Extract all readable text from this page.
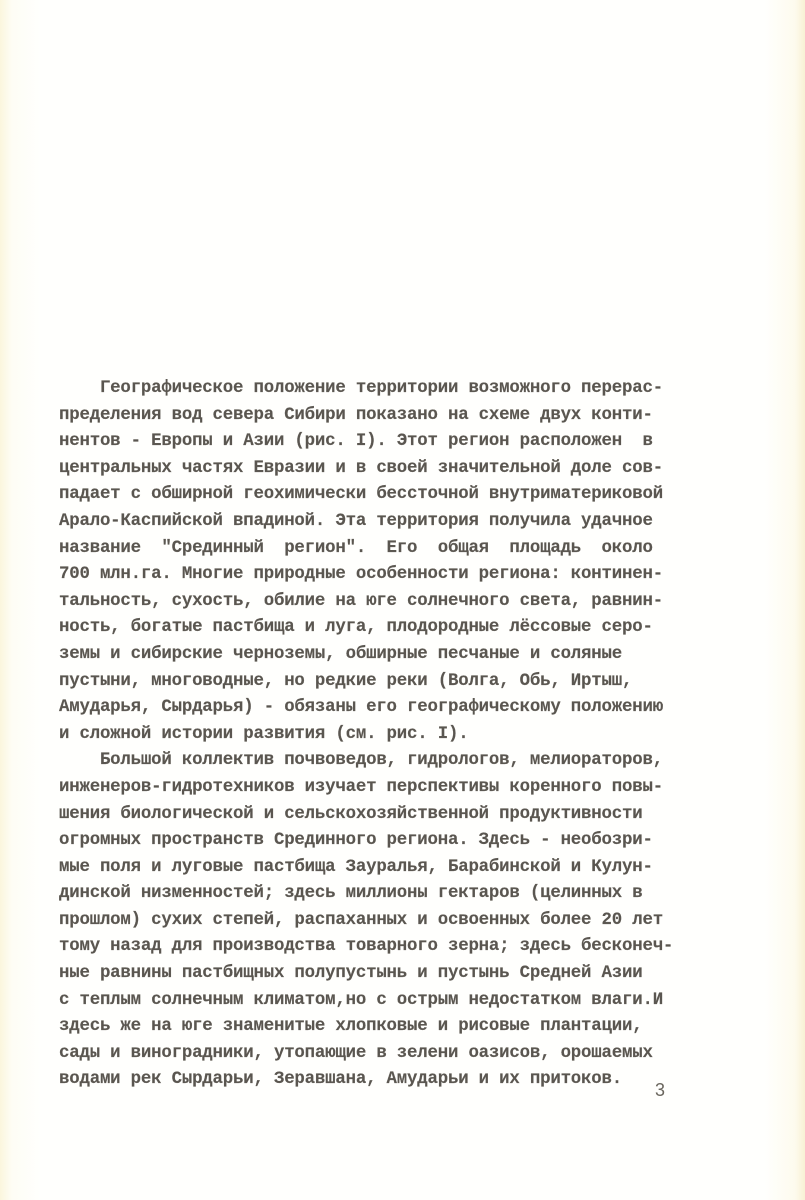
Географическое положение территории возможного перерас-
пределения вод севера Сибири показано на схеме двух конти-
нентов - Европы и Азии (рис. I). Этот регион расположен  в
центральных частях Евразии и в своей значительной доле сов-
падает с обширной геохимически бессточной внутриматериковой
Арало-Каспийской впадиной. Эта территория получила удачное
название  "Срединный  регион".  Его  общая  площадь  около
700 млн.га. Многие природные особенности региона: континен-
тальность, сухость, обилие на юге солнечного света, равнин-
ность, богатые пастбища и луга, плодородные лёссовые серо-
земы и сибирские черноземы, обширные песчаные и соляные
пустыни, многоводные, но редкие реки (Волга, Обь, Иртыш,
Амударья, Сырдарья) - обязаны его географическому положению
и сложной истории развития (см. рис. I).
Большой коллектив почвоведов, гидрологов, мелиораторов,
инженеров-гидротехников изучает перспективы коренного повы-
шения биологической и сельскохозяйственной продуктивности
огромных пространств Срединного региона. Здесь - необозри-
мые поля и луговые пастбища Зауралья, Барабинской и Кулун-
динской низменностей; здесь миллионы гектаров (целинных в
прошлом) сухих степей, распаханных и освоенных более 20 лет
тому назад для производства товарного зерна; здесь бесконеч-
ные равнины пастбищных полупустынь и пустынь Средней Азии
с теплым солнечным климатом,но с острым недостатком влаги.И
здесь же на юге знаменитые хлопковые и рисовые плантации,
сады и виноградники, утопающие в зелени оазисов, орошаемых
водами рек Сырдарьи, Зеравшана, Амударьи и их притоков.
3
